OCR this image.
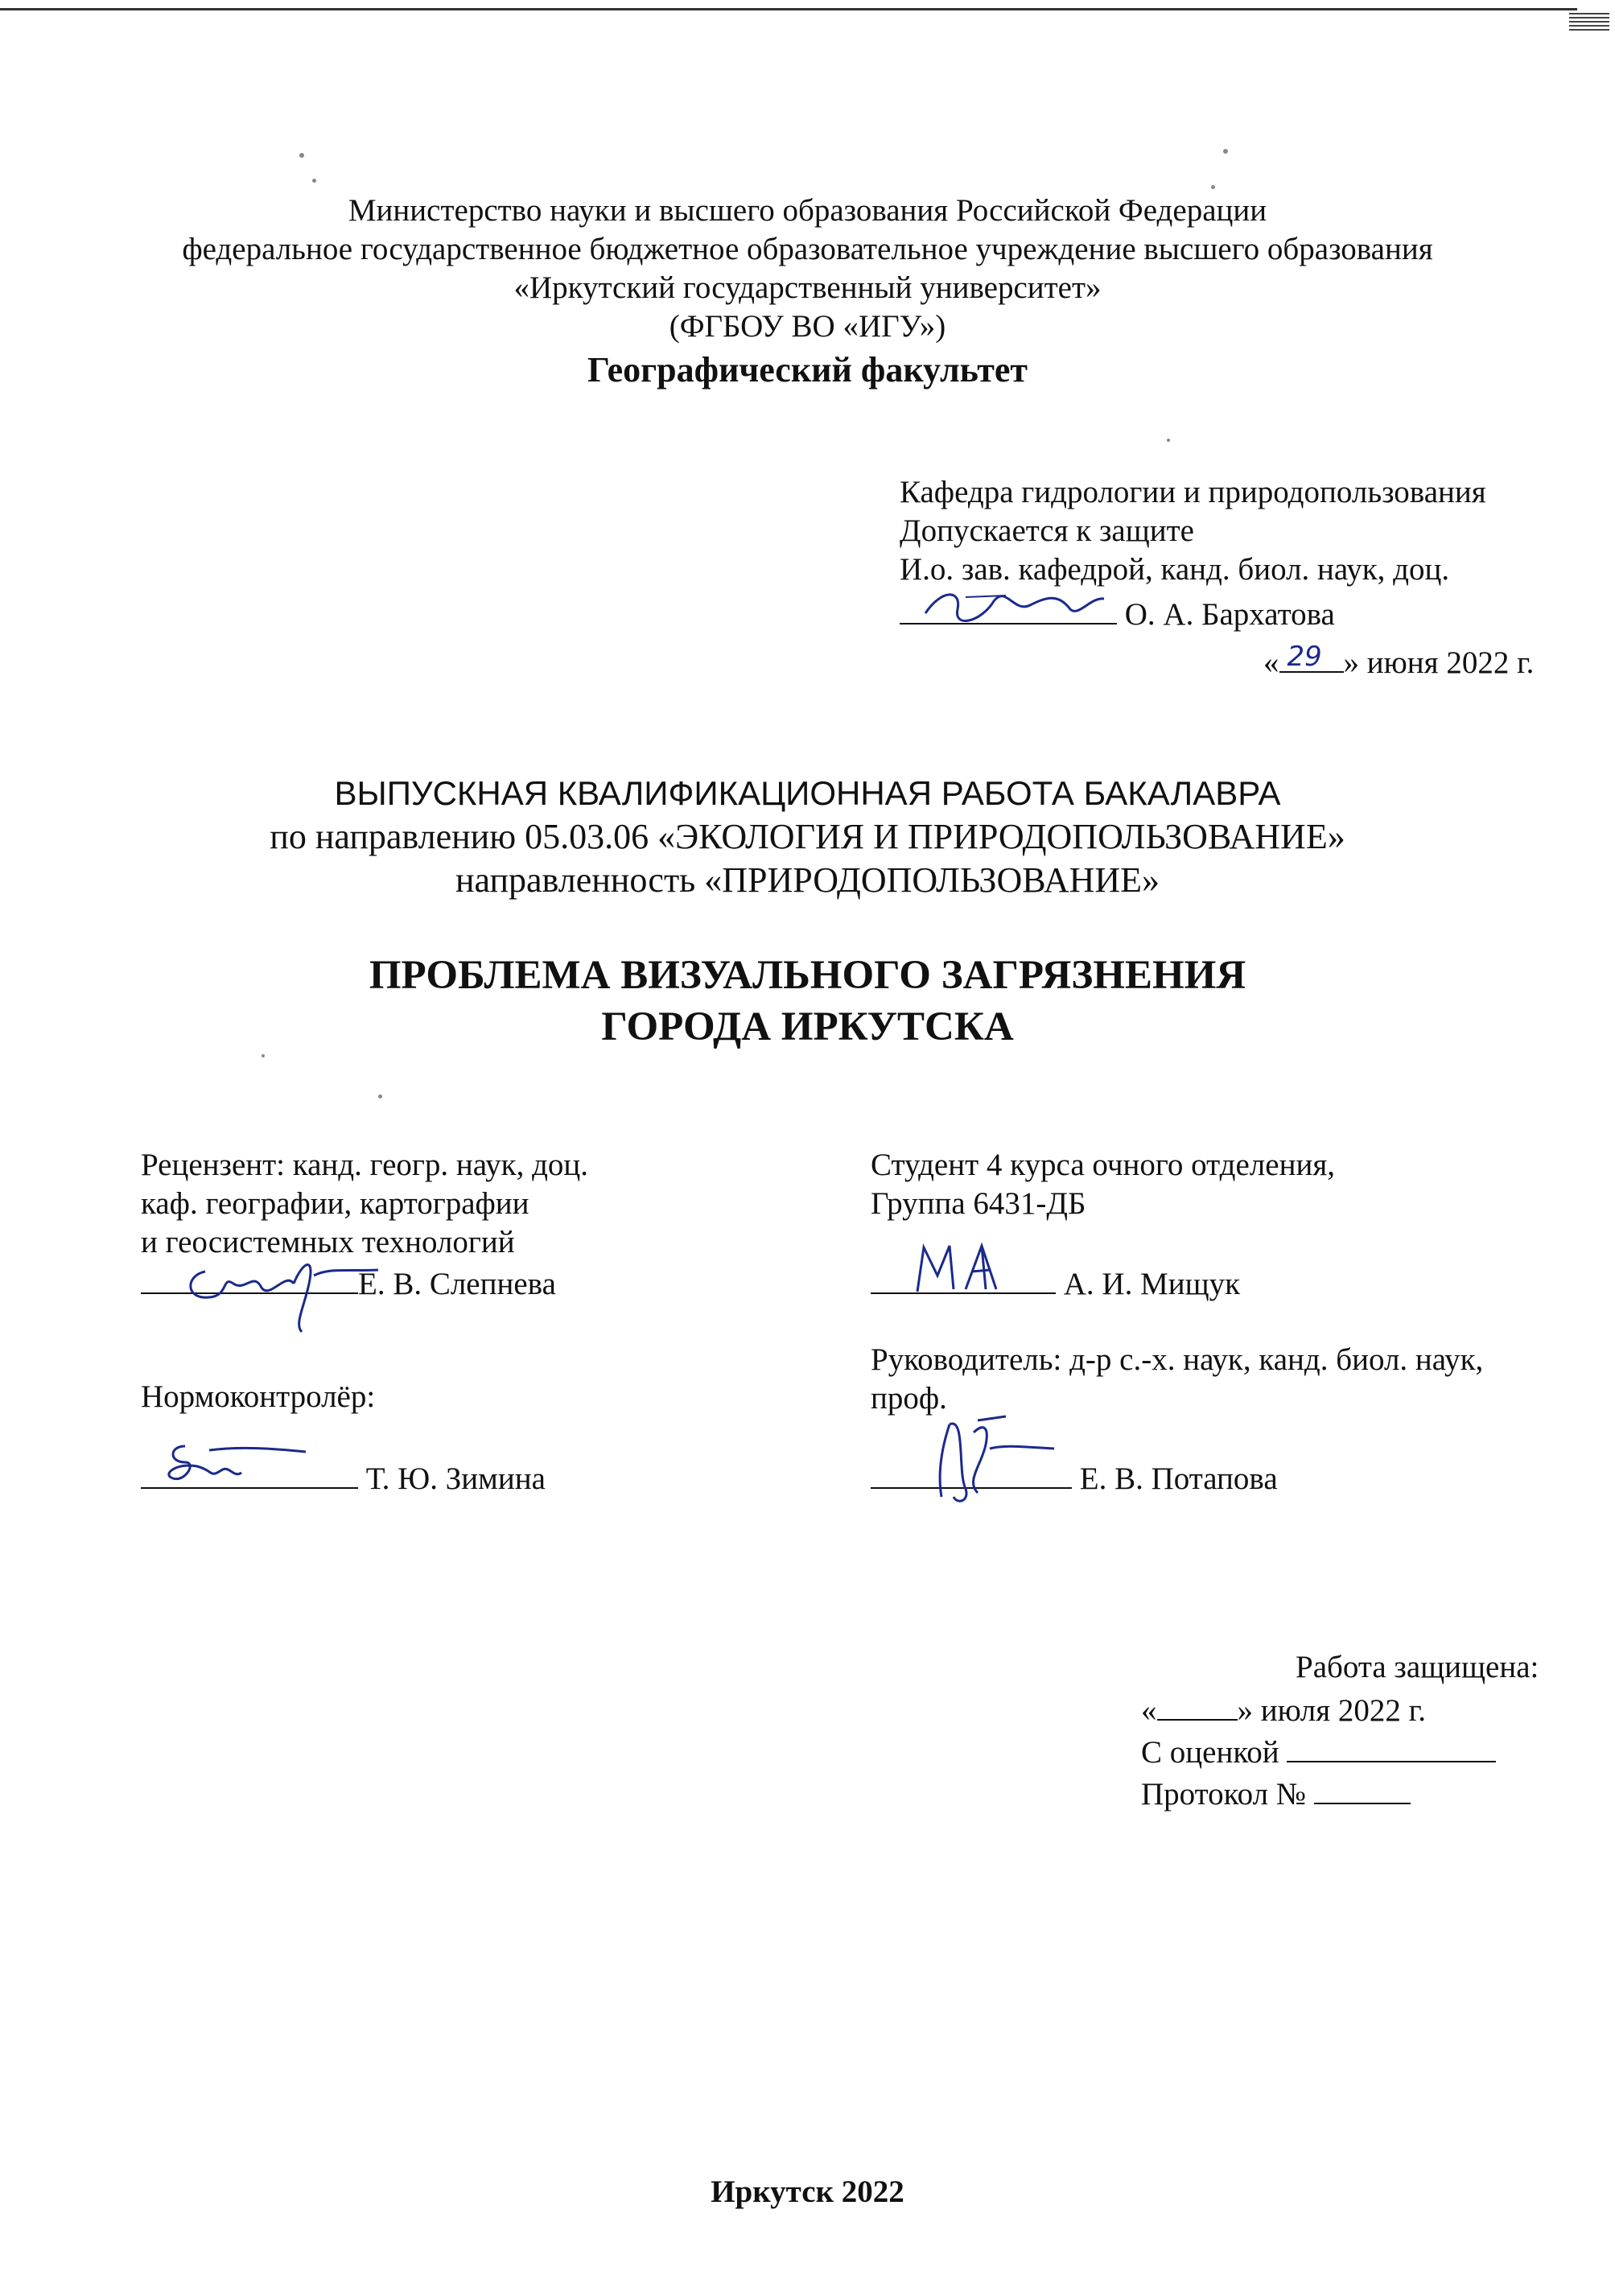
Министерство науки и высшего образования Российской Федерации
федеральное государственное бюджетное образовательное учреждение высшего образования
«Иркутский государственный университет»
(ФГБОУ ВО «ИГУ»)
Географический факультет
Кафедра гидрологии и природопользования
Допускается к защите
И.о. зав. кафедрой, канд. биол. наук, доц.
О. А. Бархатова
« 29 » июня 2022 г.
ВЫПУСКНАЯ КВАЛИФИКАЦИОННАЯ РАБОТА БАКАЛАВРА
по направлению 05.03.06 «ЭКОЛОГИЯ И ПРИРОДОПОЛЬЗОВАНИЕ»
направленность «ПРИРОДОПОЛЬЗОВАНИЕ»
ПРОБЛЕМА ВИЗУАЛЬНОГО ЗАГРЯЗНЕНИЯ
ГОРОДА ИРКУТСКА
Рецензент: канд. геогр. наук, доц.
каф. географии, картографии
и геосистемных технологий
Е. В. Слепнева
Нормоконтролёр:
Т. Ю. Зимина
Студент 4 курса очного отделения,
Группа 6431-ДБ
А. И. Мищук
Руководитель: д-р с.-х. наук, канд. биол. наук,
проф.
Е. В. Потапова
Работа защищена:
«	» июля 2022 г.
С оценкой
Протокол №
Иркутск 2022
